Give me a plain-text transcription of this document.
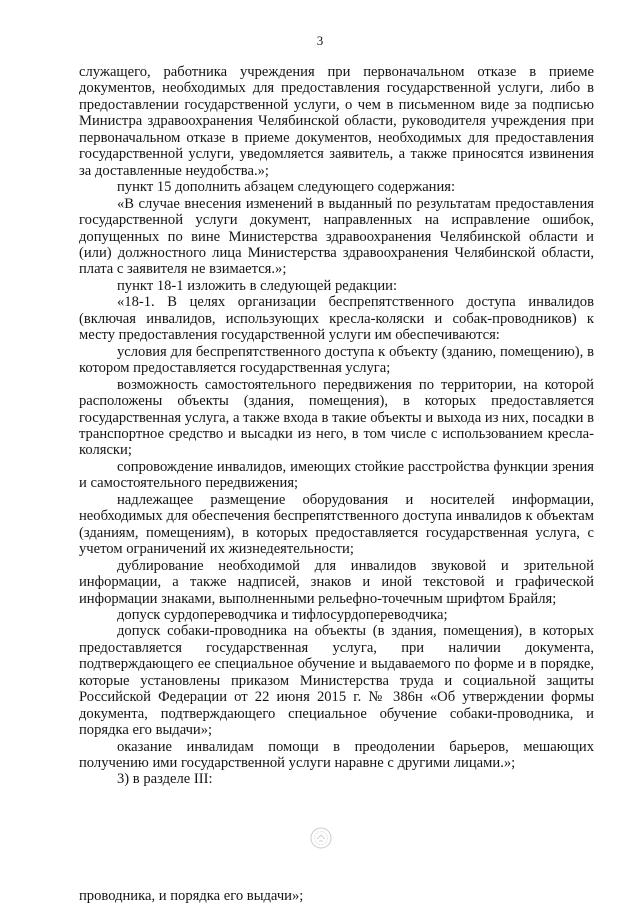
3

служащего, работника учреждения при первоначальном отказе в приеме документов, необходимых для предоставления государственной услуги, либо в предоставлении государственной услуги, о чем в письменном виде за подписью Министра здравоохранения Челябинской области, руководителя учреждения при первоначальном отказе в приеме документов, необходимых для предоставления государственной услуги, уведомляется заявитель, а также приносятся извинения за доставленные неудобства.»;

пункт 15 дополнить абзацем следующего содержания:

«В случае внесения изменений в выданный по результатам предоставления государственной услуги документ, направленных на исправление ошибок, допущенных по вине Министерства здравоохранения Челябинской области и (или) должностного лица Министерства здравоохранения Челябинской области, плата с заявителя не взимается.»;

пункт 18-1 изложить в следующей редакции:

«18-1. В целях организации беспрепятственного доступа инвалидов (включая инвалидов, использующих кресла-коляски и собак-проводников) к месту предоставления государственной услуги им обеспечиваются:

условия для беспрепятственного доступа к объекту (зданию, помещению), в котором предоставляется государственная услуга;

возможность самостоятельного передвижения по территории, на которой расположены объекты (здания, помещения), в которых предоставляется государственная услуга, а также входа в такие объекты и выхода из них, посадки в транспортное средство и высадки из него, в том числе с использованием кресла-коляски;

сопровождение инвалидов, имеющих стойкие расстройства функции зрения и самостоятельного передвижения;

надлежащее размещение оборудования и носителей информации, необходимых для обеспечения беспрепятственного доступа инвалидов к объектам (зданиям, помещениям), в которых предоставляется государственная услуга, с учетом ограничений их жизнедеятельности;

дублирование необходимой для инвалидов звуковой и зрительной информации, а также надписей, знаков и иной текстовой и графической информации знаками, выполненными рельефно-точечным шрифтом Брайля;

допуск сурдопереводчика и тифлосурдопереводчика;

допуск собаки-проводника на объекты (в здания, помещения), в которых предоставляется государственная услуга, при наличии документа, подтверждающего ее специальное обучение и выдаваемого по форме и в порядке, которые установлены приказом Министерства труда и социальной защиты Российской Федерации от 22 июня 2015 г. № 386н «Об утверждении формы документа, подтверждающего специальное обучение собаки-проводника, и порядка его выдачи»;

оказание инвалидам помощи в преодолении барьеров, мешающих получению ими государственной услуги наравне с другими лицами.»;

3) в разделе III:

проводника, и порядка его выдачи»;
